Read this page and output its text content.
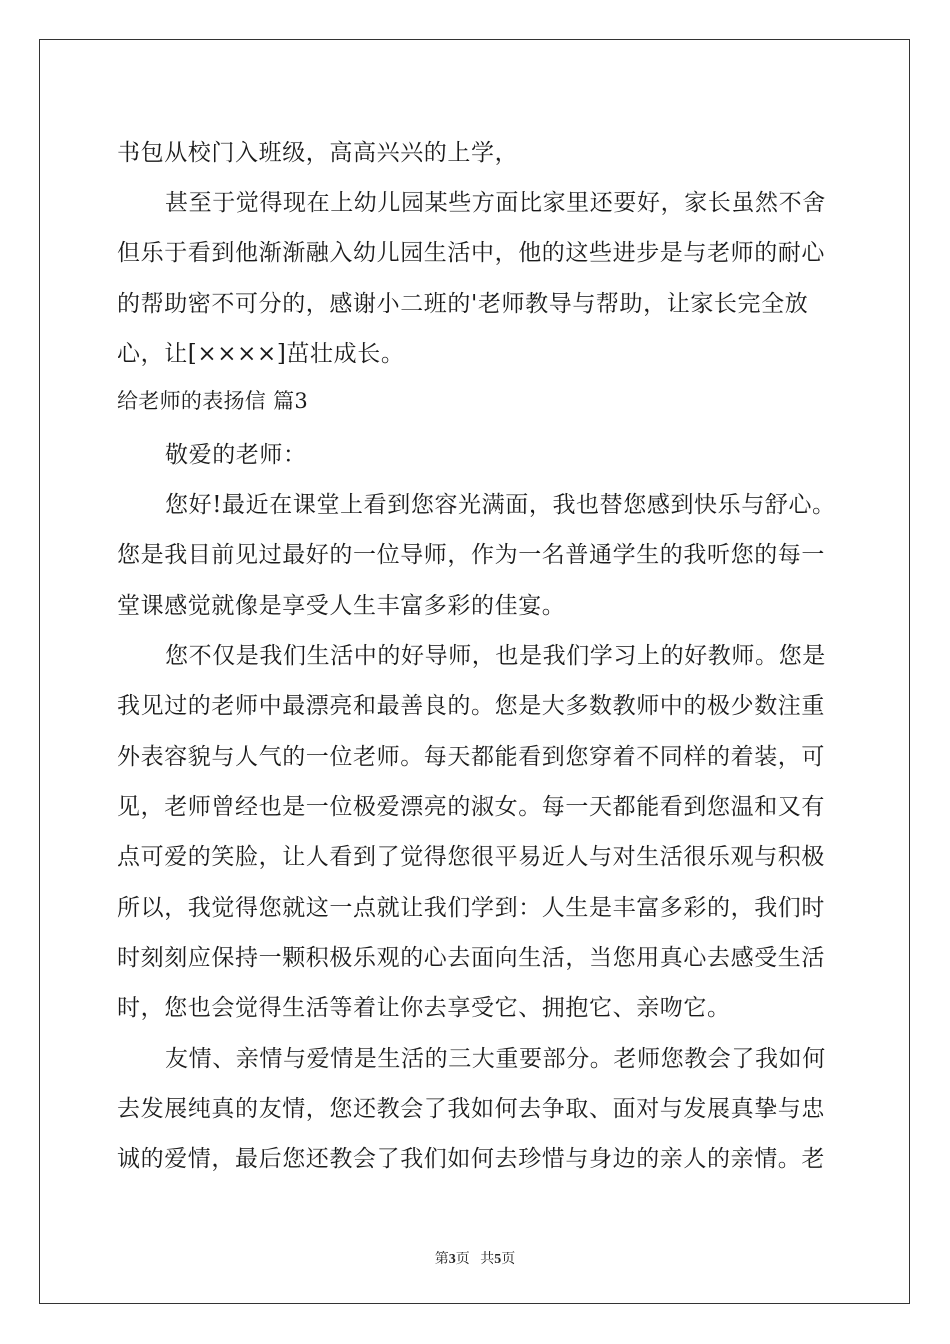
书包从校门入班级，高高兴兴的上学，
甚至于觉得现在上幼儿园某些方面比家里还要好，家长虽然不舍
但乐于看到他渐渐融入幼儿园生活中，他的这些进步是与老师的耐心
的帮助密不可分的，感谢小二班的'老师教导与帮助，让家长完全放
心，让[××××]茁壮成长。
给老师的表扬信 篇3
敬爱的老师：
您好!最近在课堂上看到您容光满面，我也替您感到快乐与舒心。
您是我目前见过最好的一位导师，作为一名普通学生的我听您的每一
堂课感觉就像是享受人生丰富多彩的佳宴。
您不仅是我们生活中的好导师，也是我们学习上的好教师。您是
我见过的老师中最漂亮和最善良的。您是大多数教师中的极少数注重
外表容貌与人气的一位老师。每天都能看到您穿着不同样的着装，可
见，老师曾经也是一位极爱漂亮的淑女。每一天都能看到您温和又有
点可爱的笑脸，让人看到了觉得您很平易近人与对生活很乐观与积极
所以，我觉得您就这一点就让我们学到：人生是丰富多彩的，我们时
时刻刻应保持一颗积极乐观的心去面向生活，当您用真心去感受生活
时，您也会觉得生活等着让你去享受它、拥抱它、亲吻它。
友情、亲情与爱情是生活的三大重要部分。老师您教会了我如何
去发展纯真的友情，您还教会了我如何去争取、面对与发展真挚与忠
诚的爱情，最后您还教会了我们如何去珍惜与身边的亲人的亲情。老
第3页 共5页
